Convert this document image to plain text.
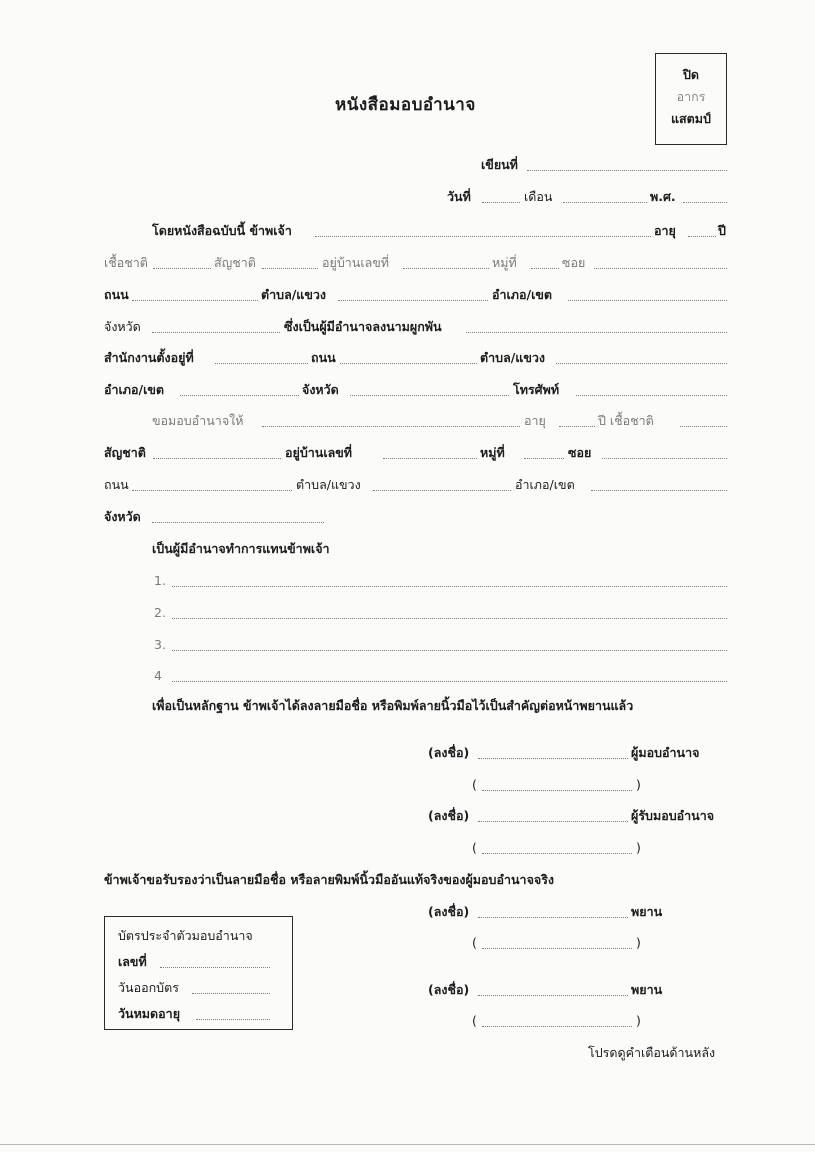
ปิด
อากร
แสตมป์
หนังสือมอบอำนาจ
เขียนที่
วันที่	เดือน	พ.ศ.
โดยหนังสือฉบับนี้ ข้าพเจ้า	อายุ	ปี
เชื้อชาติ	สัญชาติ	อยู่บ้านเลขที่	หมู่ที่	ซอย
ถนน	ตำบล/แขวง	อำเภอ/เขต
จังหวัด	ซึ่งเป็นผู้มีอำนาจลงนามผูกพัน
สำนักงานตั้งอยู่ที่	ถนน	ตำบล/แขวง
อำเภอ/เขต	จังหวัด	โทรศัพท์
ขอมอบอำนาจให้	อายุ	ปี เชื้อชาติ
สัญชาติ	อยู่บ้านเลขที่	หมู่ที่	ซอย
ถนน	ตำบล/แขวง	อำเภอ/เขต
จังหวัด
เป็นผู้มีอำนาจทำการแทนข้าพเจ้า
1.
2.
3.
4
เพื่อเป็นหลักฐาน ข้าพเจ้าได้ลงลายมือชื่อ หรือพิมพ์ลายนิ้วมือไว้เป็นสำคัญต่อหน้าพยานแล้ว
(ลงชื่อ)	ผู้มอบอำนาจ
(	)
(ลงชื่อ)	ผู้รับมอบอำนาจ
(	)
ข้าพเจ้าขอรับรองว่าเป็นลายมือชื่อ หรือลายพิมพ์นิ้วมืออันแท้จริงของผู้มอบอำนาจจริง
(ลงชื่อ)	พยาน
(	)
(ลงชื่อ)	พยาน
(	)
บัตรประจำตัวมอบอำนาจ
เลขที่
วันออกบัตร
วันหมดอายุ
โปรดดูคำเตือนด้านหลัง
